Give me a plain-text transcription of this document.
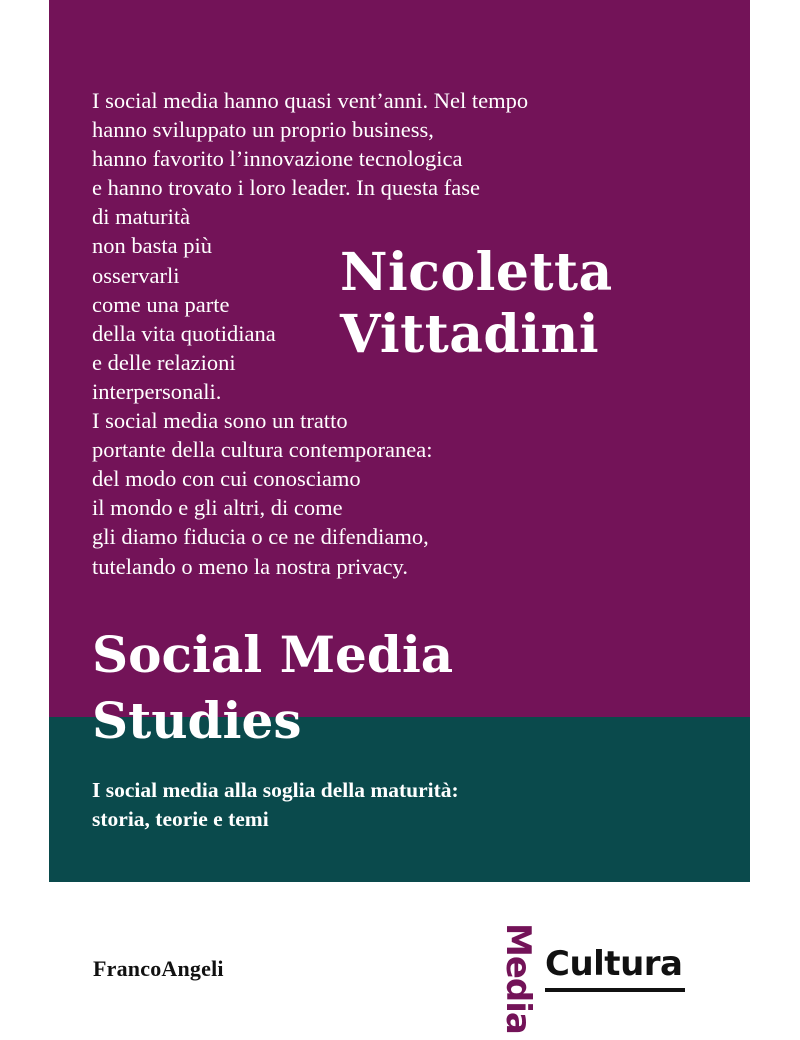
I social media hanno quasi vent’anni. Nel tempo
hanno sviluppato un proprio business,
hanno favorito l’innovazione tecnologica
e hanno trovato i loro leader. In questa fase
di maturità
non basta più
osservarli
come una parte
della vita quotidiana
e delle relazioni
interpersonali.
I social media sono un tratto
portante della cultura contemporanea:
del modo con cui conosciamo
il mondo e gli altri, di come
gli diamo fiducia o ce ne difendiamo,
tutelando o meno la nostra privacy.
Nicoletta
Vittadini
Social Media
Studies
I social media alla soglia della maturità:
storia, teorie e temi
FrancoAngeli	Media Cultura
